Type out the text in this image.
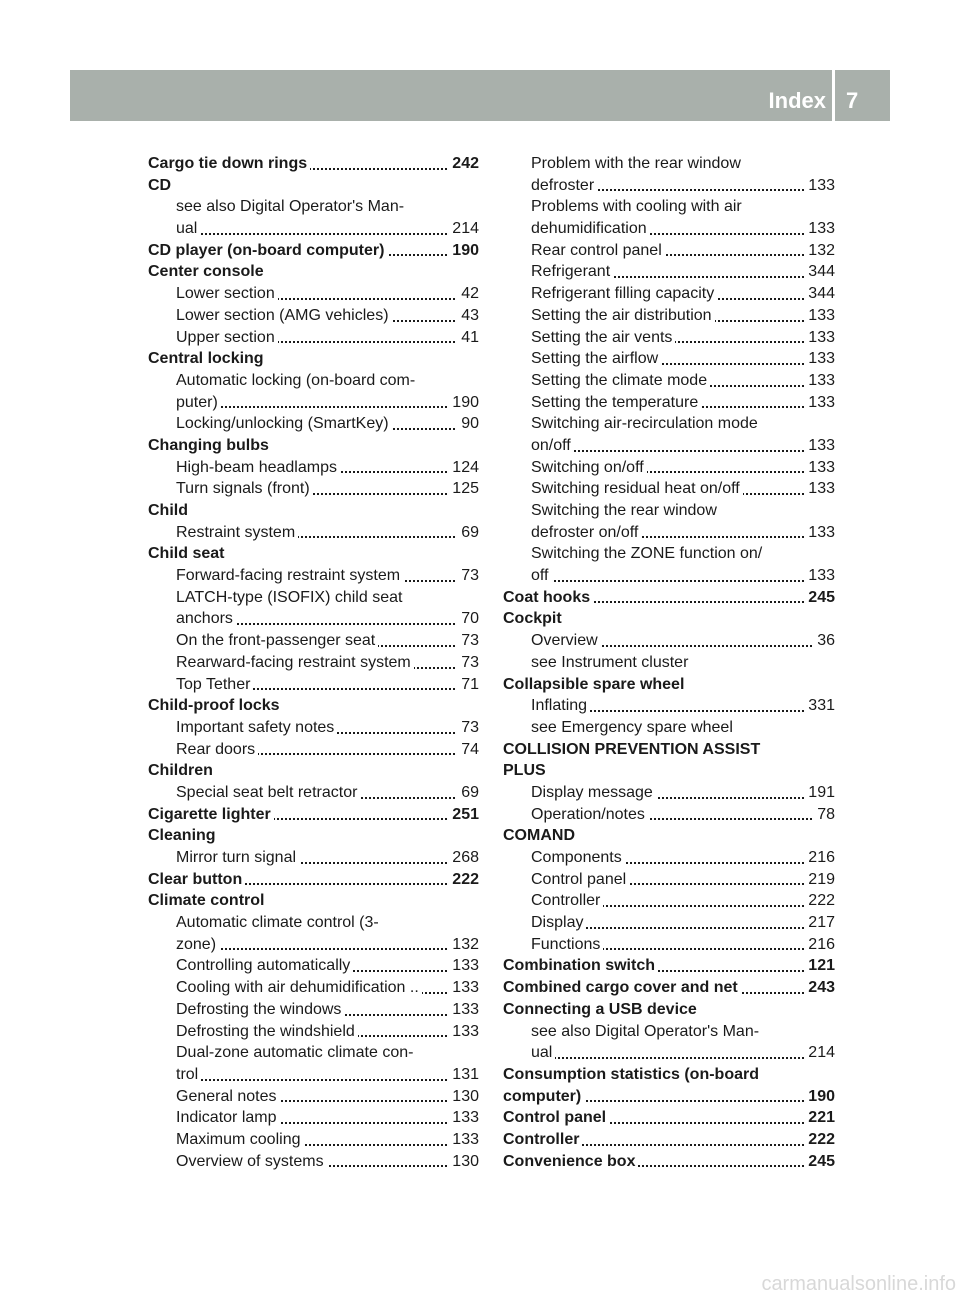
Index 7
Cargo tie down rings	242
CD
see also Digital Operator's Man-
ual	214
CD player (on-board computer)	190
Center console
Lower section	42
Lower section (AMG vehicles)	43
Upper section	41
Central locking
Automatic locking (on-board com-
puter)	190
Locking/unlocking (SmartKey)	90
Changing bulbs
High-beam headlamps	124
Turn signals (front)	125
Child
Restraint system	69
Child seat
Forward-facing restraint system	73
LATCH-type (ISOFIX) child seat
anchors	70
On the front-passenger seat	73
Rearward-facing restraint system	73
Top Tether	71
Child-proof locks
Important safety notes	73
Rear doors	74
Children
Special seat belt retractor	69
Cigarette lighter	251
Cleaning
Mirror turn signal	268
Clear button	222
Climate control
Automatic climate control (3-
zone)	132
Controlling automatically	133
Cooling with air dehumidification .. 133
Defrosting the windows	133
Defrosting the windshield	133
Dual-zone automatic climate con-
trol	131
General notes	130
Indicator lamp	133
Maximum cooling	133
Overview of systems	130
Problem with the rear window
defroster	133
Problems with cooling with air
dehumidification	133
Rear control panel	132
Refrigerant	344
Refrigerant filling capacity	344
Setting the air distribution	133
Setting the air vents	133
Setting the airflow	133
Setting the climate mode	133
Setting the temperature	133
Switching air-recirculation mode
on/off	133
Switching on/off	133
Switching residual heat on/off	133
Switching the rear window
defroster on/off	133
Switching the ZONE function on/
off	133
Coat hooks	245
Cockpit
Overview	36
see Instrument cluster
Collapsible spare wheel
Inflating	331
see Emergency spare wheel
COLLISION PREVENTION ASSIST
PLUS
Display message	191
Operation/notes	78
COMAND
Components	216
Control panel	219
Controller	222
Display	217
Functions	216
Combination switch	121
Combined cargo cover and net	243
Connecting a USB device
see also Digital Operator's Man-
ual	214
Consumption statistics (on-board
computer)	190
Control panel	221
Controller	222
Convenience box	245
carmanualsonline.info
